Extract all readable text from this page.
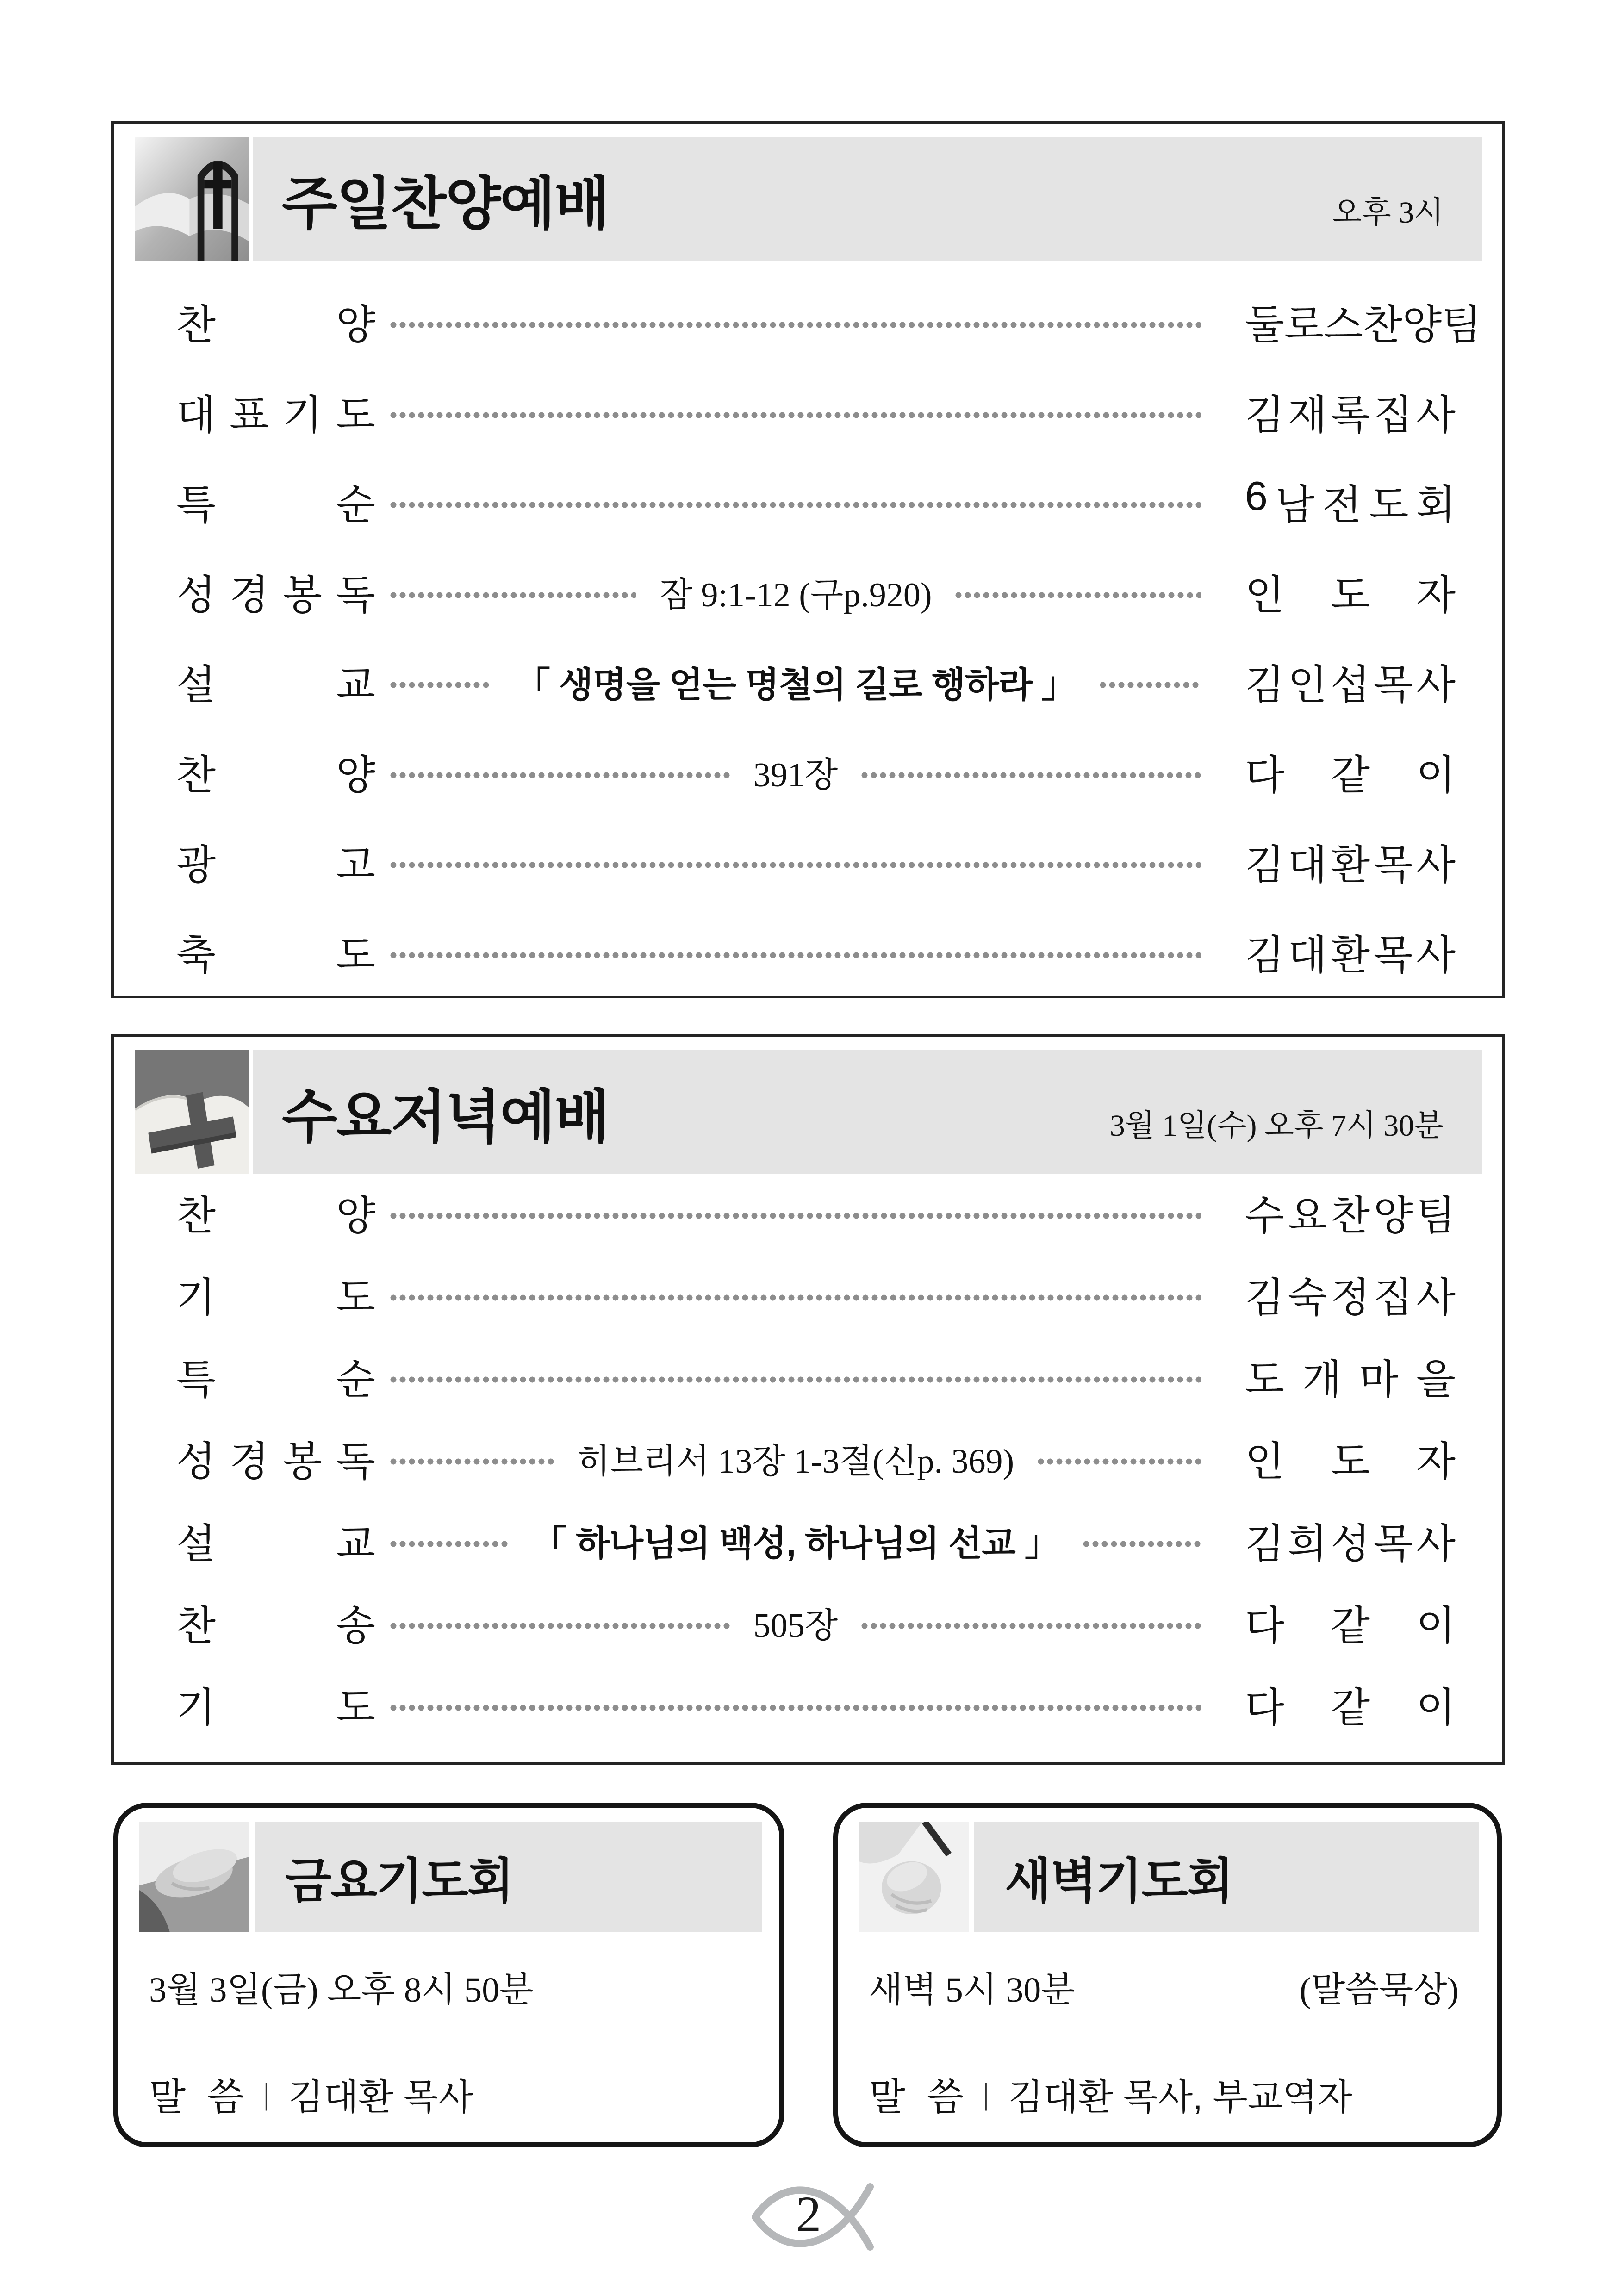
주일찬양예배	오후 3시
찬	양	둘 로 스 찬 양 팀
대 표 기 도	김 재 록 집 사
특	순	6 남 전 도 회
성 경 봉 독	잠 9:1-12 (구p.920)	인 도 자
설	교	「 생명을 얻는 명철의 길로 행하라 」	김 인 섭 목 사
찬	양	391장	다 같 이
광	고	김 대 환 목 사
축	도	김 대 환 목 사
수요저녁예배	3월 1일(수) 오후 7시 30분
찬	양	수 요 찬 양 팀
기	도	김 숙 정 집 사
특	순	도 개 마 을
성 경 봉 독	히브리서 13장 1-3절(신p. 369)	인 도 자
설	교	「 하나님의 백성, 하나님의 선교 」	김 희 성 목 사
찬	송	505장	다 같 이
기	도	다 같 이
금요기도회
3월 3일(금) 오후 8시 50분
말 씀 | 김대환 목사
새벽기도회
새벽 5시 30분	(말씀묵상)
말 씀 | 김대환 목사, 부교역자
2
